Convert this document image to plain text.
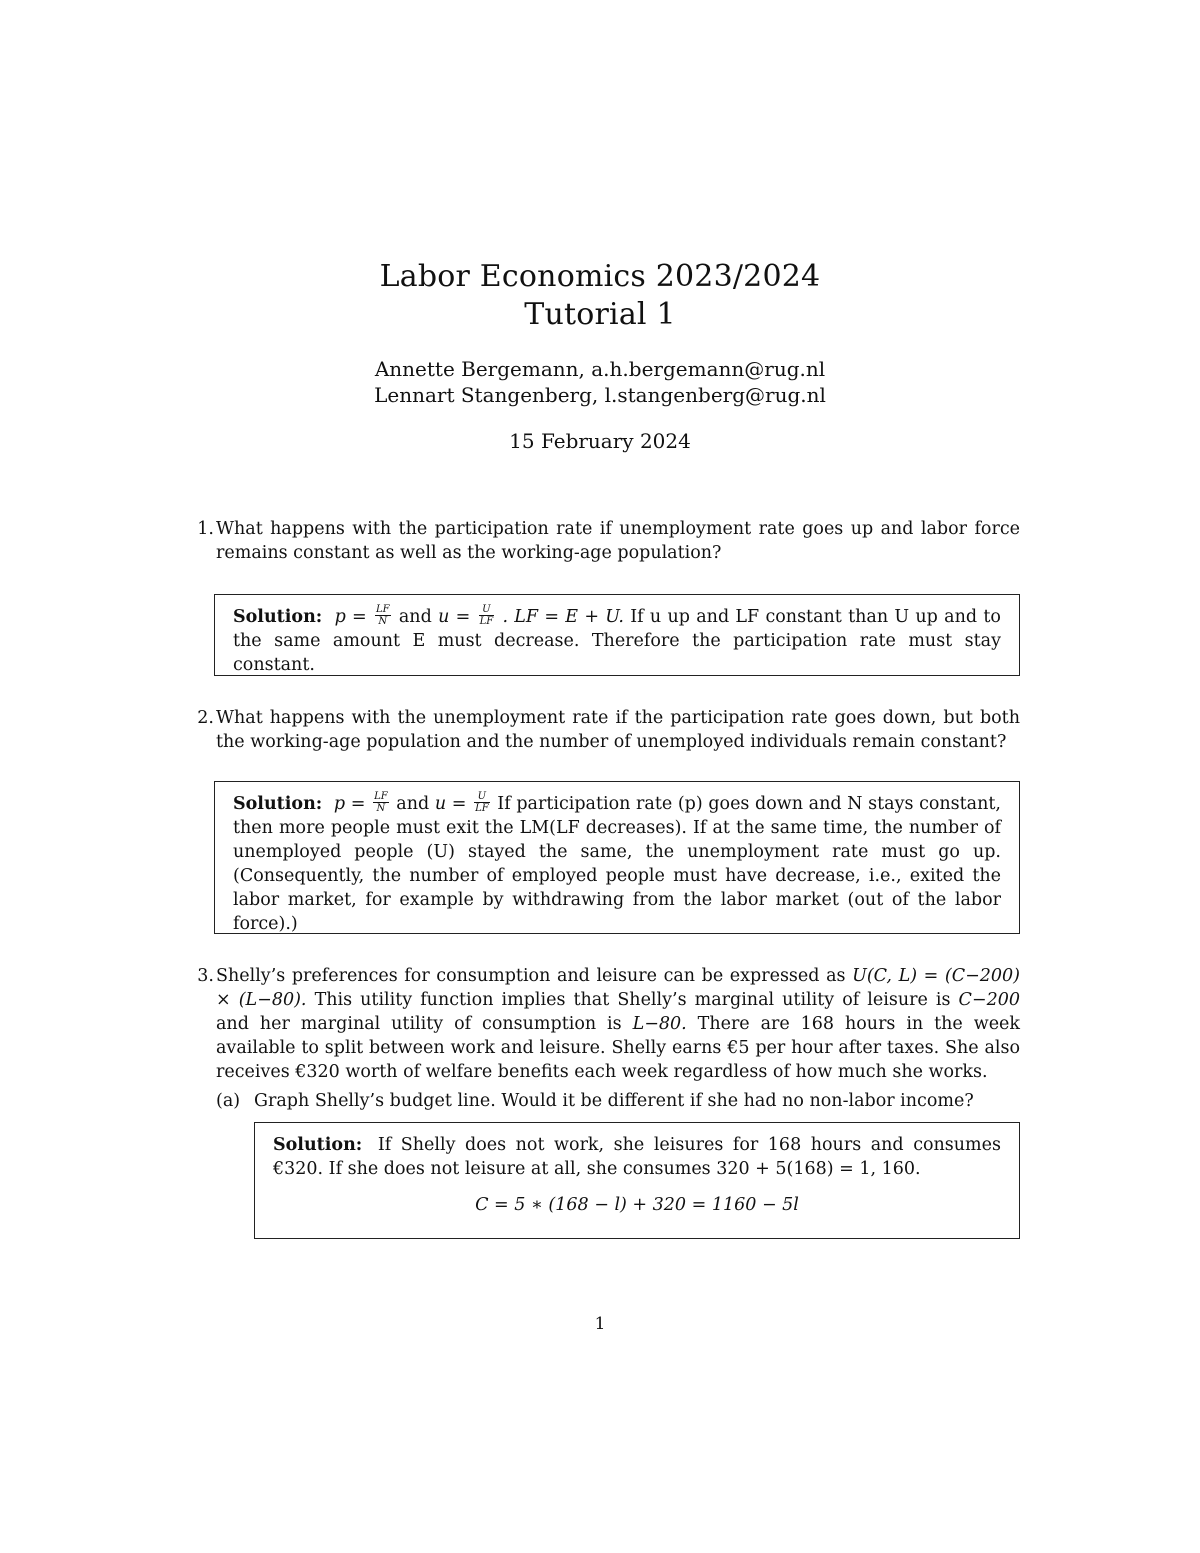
Labor Economics 2023/2024
Tutorial 1
Annette Bergemann, a.h.bergemann@rug.nl
Lennart Stangenberg, l.stangenberg@rug.nl
15 February 2024
1. What happens with the participation rate if unemployment rate goes up and labor force remains constant as well as the working-age population?
Solution: $p = \frac{LF}{N}$ and $u = \frac{U}{LF}$ . LF = E + U. If u up and LF constant than U up and to the same amount E must decrease. Therefore the participation rate must stay constant.
2. What happens with the unemployment rate if the participation rate goes down, but both the working-age population and the number of unemployed individuals remain constant?
Solution: $p = \frac{LF}{N}$ and $u = \frac{U}{LF}$ If participation rate (p) goes down and N stays constant, then more people must exit the LM(LF decreases). If at the same time, the number of unemployed people (U) stayed the same, the unemployment rate must go up. (Consequently, the number of employed people must have decrease, i.e., exited the labor market, for example by withdrawing from the labor market (out of the labor force).)
3. Shelly’s preferences for consumption and leisure can be expressed as U(C, L) = (C−200) × (L−80). This utility function implies that Shelly’s marginal utility of leisure is C−200 and her marginal utility of consumption is L−80. There are 168 hours in the week available to split between work and leisure. Shelly earns €5 per hour after taxes. She also receives €320 worth of welfare benefits each week regardless of how much she works.
(a) Graph Shelly’s budget line. Would it be different if she had no non-labor income?
Solution: If Shelly does not work, she leisures for 168 hours and consumes €320. If she does not leisure at all, she consumes 320 + 5(168) = 1, 160.
C = 5 ∗ (168 − l) + 320 = 1160 − 5l
1
